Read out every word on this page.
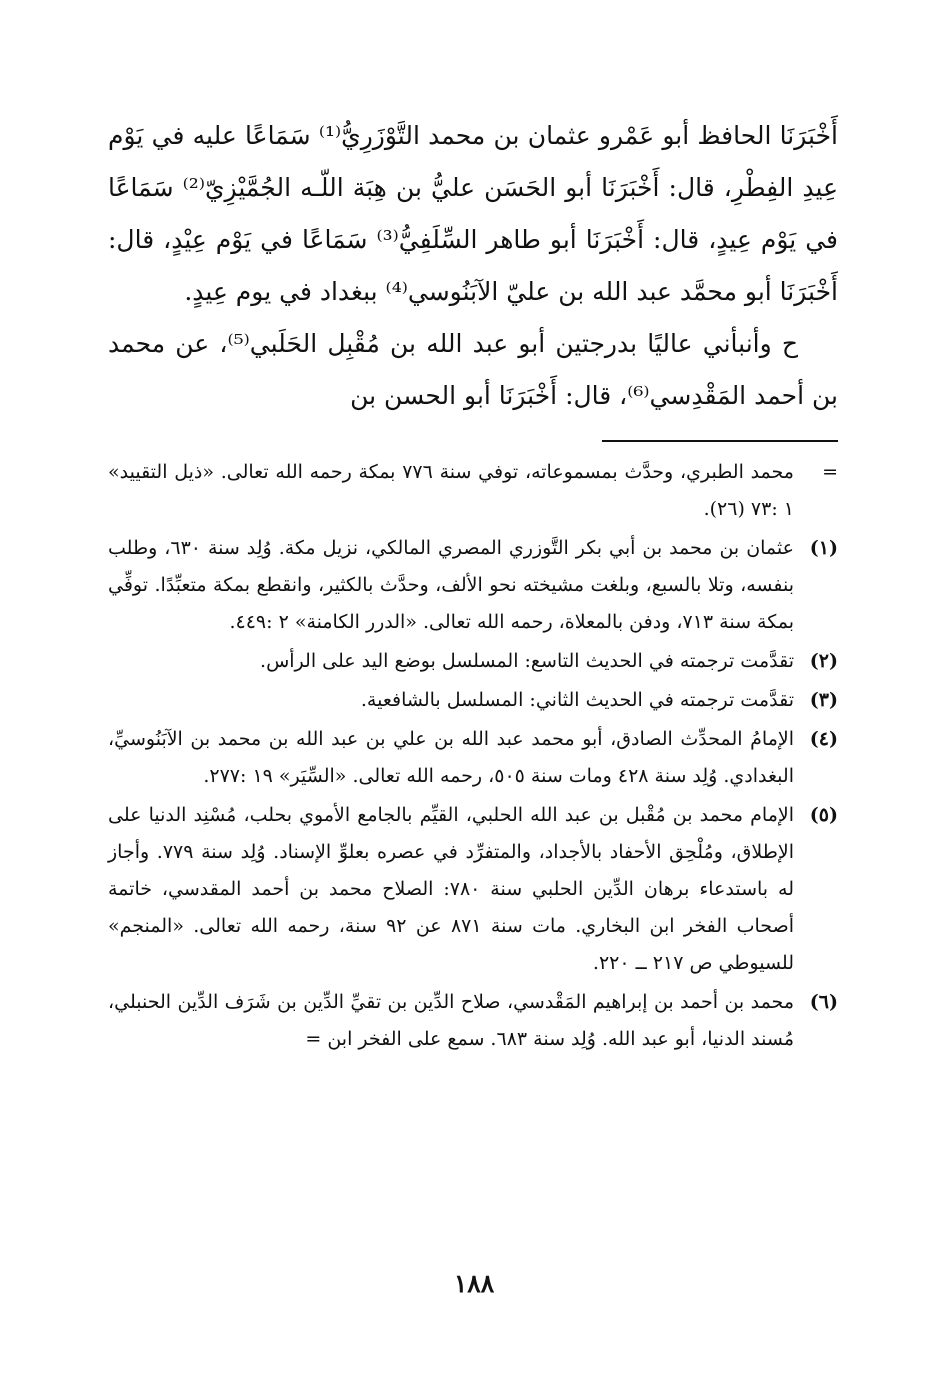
أَخْبَرَنَا الحافظ أبو عَمْرو عثمان بن محمد التَّوْزَرِيُّ⁽¹⁾ سَمَاعًا عليه في يَوْم عِيدِ الفِطْرِ، قال: أَخْبَرَنَا أبو الحَسَن عليُّ بن هِبَة اللّـه الجُمَّيْزِيّ⁽²⁾ سَمَاعًا في يَوْم عِيدٍ، قال: أَخْبَرَنَا أبو طاهر السِّلَفِيُّ⁽³⁾ سَمَاعًا في يَوْم عِيْدٍ، قال: أَخْبَرَنَا أبو محمَّد عبد الله بن عليّ الآبَنُوسي⁽⁴⁾ ببغداد في يوم عِيدٍ.

ح وأنبأني عاليًا بدرجتين أبو عبد الله بن مُقْبِل الحَلَبي⁽⁵⁾، عن محمد بن أحمد المَقْدِسي⁽⁶⁾، قال: أَخْبَرَنَا أبو الحسن بن

=
محمد الطبري، وحدَّث بمسموعاته، توفي سنة ٧٧٦ بمكة رحمه الله تعالى. «ذيل التقييد» ١ :٧٣ (٢٦).
(١)
عثمان بن محمد بن أبي بكر التَّوزري المصري المالكي، نزيل مكة. وُلِد سنة ٦٣٠، وطلب بنفسه، وتلا بالسبع، وبلغت مشيخته نحو الألف، وحدَّث بالكثير، وانقطع بمكة متعبِّدًا. توفِّي بمكة سنة ٧١٣، ودفن بالمعلاة، رحمه الله تعالى. «الدرر الكامنة» ٢ :٤٤٩.
(٢)
تقدَّمت ترجمته في الحديث التاسع: المسلسل بوضع اليد على الرأس.
(٣)
تقدَّمت ترجمته في الحديث الثاني: المسلسل بالشافعية.
(٤)
الإمامُ المحدِّث الصادق، أبو محمد عبد الله بن علي بن عبد الله بن محمد بن الآبَنُوسيِّ، البغدادي. وُلِد سنة ٤٢٨ ومات سنة ٥٠٥، رحمه الله تعالى. «السِّيَر» ١٩ :٢٧٧.
(٥)
الإمام محمد بن مُقْبل بن عبد الله الحلبي، القيِّم بالجامع الأموي بحلب، مُسْنِد الدنيا على الإطلاق، ومُلْحِق الأحفاد بالأجداد، والمتفرِّد في عصره بعلوِّ الإسناد. وُلِد سنة ٧٧٩. وأجاز له باستدعاء برهان الدِّين الحلبي سنة ٧٨٠: الصلاح محمد بن أحمد المقدسي، خاتمة أصحاب الفخر ابن البخاري. مات سنة ٨٧١ عن ٩٢ سنة، رحمه الله تعالى. «المنجم» للسيوطي ص ٢١٧ ــ ٢٢٠.
(٦)
محمد بن أحمد بن إبراهيم المَقْدسي، صلاح الدِّين بن تقيِّ الدِّين بن شَرَف الدِّين الحنبلي، مُسند الدنيا، أبو عبد الله. وُلِد سنة ٦٨٣. سمع على الفخر ابن =
١٨٨
